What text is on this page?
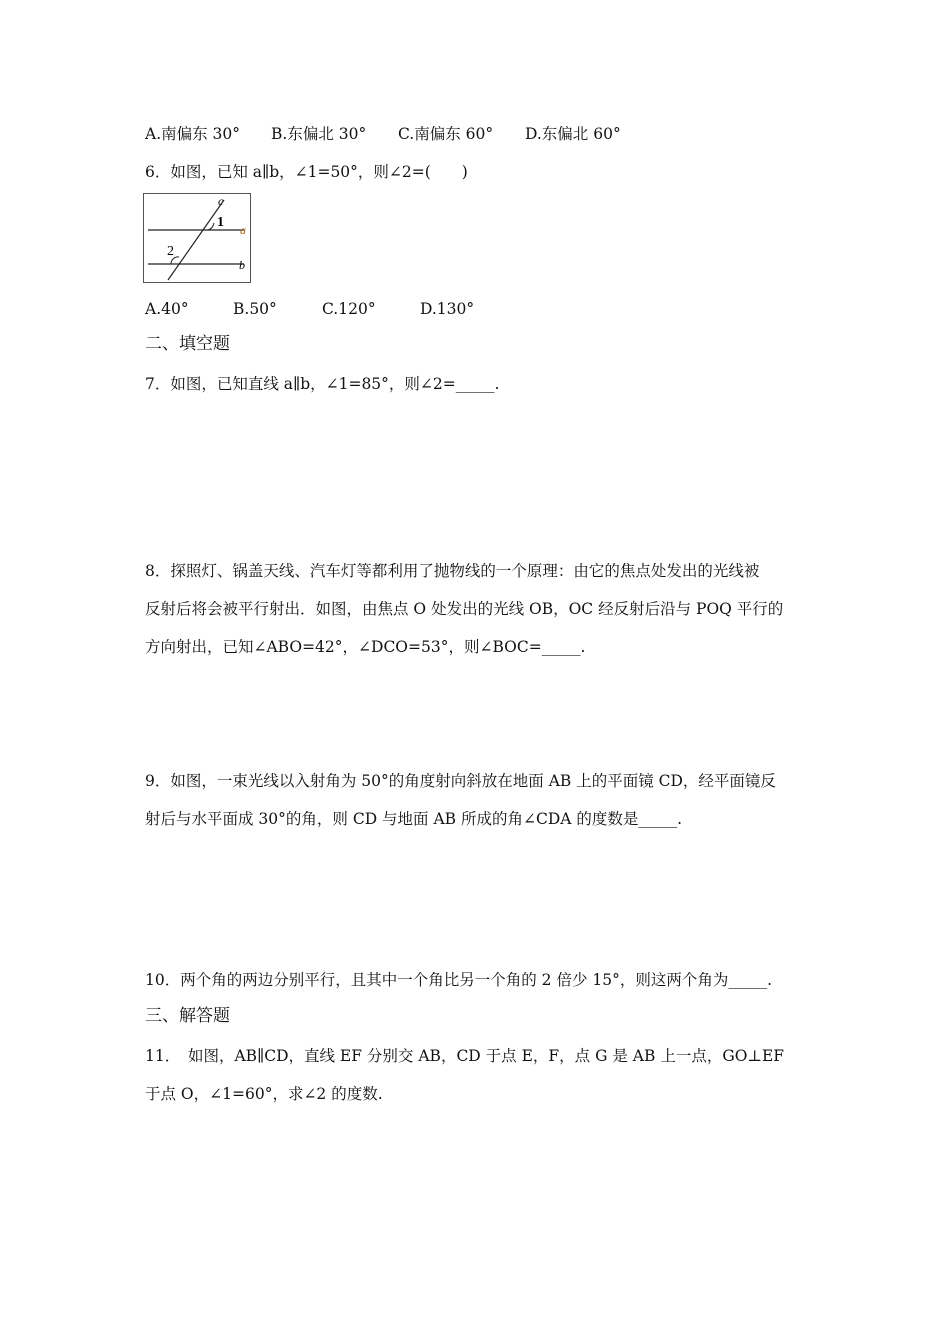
A.南偏东 30° B.东偏北 30° C.南偏东 60° D.东偏北 60°
6．如图，已知 a∥b，∠1=50°，则∠2=(　　)
c
1 a
2
b
A.40°	B.50°	C.120°	D.130°
二、填空题
7．如图，已知直线 a∥b，∠1=85°，则∠2=_____.
8．探照灯、锅盖天线、汽车灯等都利用了抛物线的一个原理：由它的焦点处发出的光线被
反射后将会被平行射出．如图，由焦点 O 处发出的光线 OB，OC 经反射后沿与 POQ 平行的
方向射出，已知∠ABO=42°，∠DCO=53°，则∠BOC=_____.
9．如图，一束光线以入射角为 50°的角度射向斜放在地面 AB 上的平面镜 CD，经平面镜反
射后与水平面成 30°的角，则 CD 与地面 AB 所成的角∠CDA 的度数是_____.
10．两个角的两边分别平行，且其中一个角比另一个角的 2 倍少 15°，则这两个角为_____.
三、解答题
11．　如图，AB∥CD，直线 EF 分别交 AB，CD 于点 E，F，点 G 是 AB 上一点，GO⊥EF
于点 O，∠1=60°，求∠2 的度数.
